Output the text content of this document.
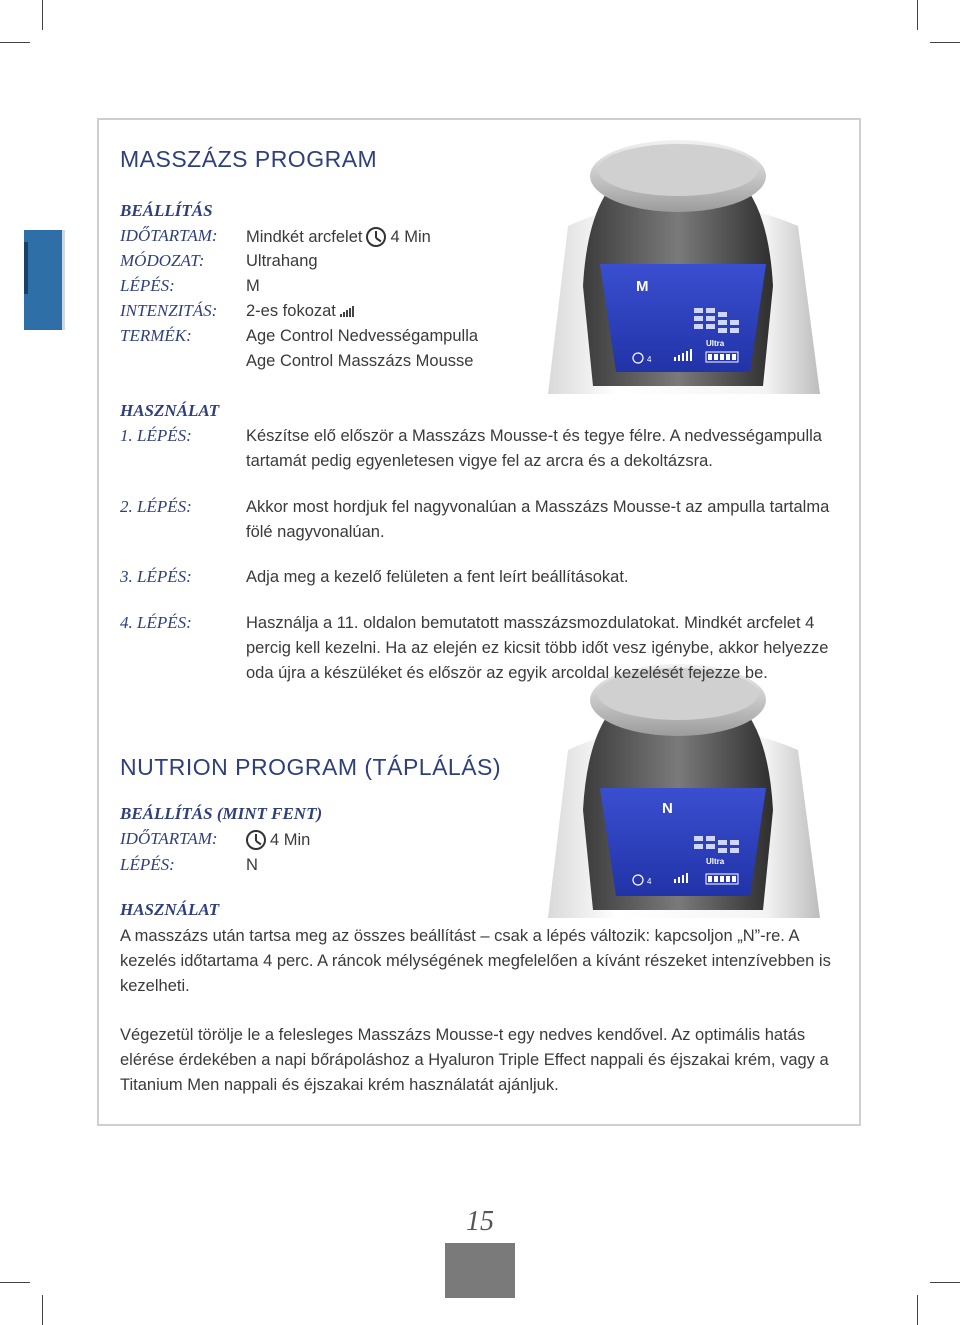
M
Ultra
4
N
Ultra
4
MASSZÁZS PROGRAM
BEÁLLÍTÁS
IDŐTARTAM: Mindkét arcfelet 4 Min
MÓDOZAT:	Ultrahang
LÉPÉS:	M
INTENZITÁS: 2-es fokozat
TERMÉK:	Age Control Nedvességampulla
Age Control Masszázs Mousse
HASZNÁLAT
1. LÉPÉS:	Készítse elő először a Masszázs Mousse-t és tegye félre. A nedvességampulla tartamát pedig egyenletesen vigye fel az arcra és a dekoltázsra.
2. LÉPÉS:	Akkor most hordjuk fel nagyvonalúan a Masszázs Mousse-t az ampulla tartalma fölé nagyvonalúan.
3. LÉPÉS:	Adja meg a kezelő felületen a fent leírt beállításokat.
4. LÉPÉS:	Használja a 11. oldalon bemutatott masszázsmozdulatokat. Mindkét arcfelet 4 percig kell kezelni. Ha az elején ez kicsit több időt vesz igénybe, akkor helyezze oda újra a készüléket és először az egyik arcoldal kezelését fejezze be.
NUTRION PROGRAM (TÁPLÁLÁS)
BEÁLLÍTÁS (MINT FENT)
IDŐTARTAM:	4 Min
LÉPÉS:	N
HASZNÁLAT
A masszázs után tartsa meg az összes beállítást – csak a lépés változik: kapcsoljon „N”-re. A kezelés időtartama 4 perc. A ráncok mélységének megfelelően a kívánt részeket intenzívebben is kezelheti.
Végezetül törölje le a felesleges Masszázs Mousse-t egy nedves kendővel. Az optimális hatás elérése érdekében a napi bőrápoláshoz a Hyaluron Triple Effect nappali és éjszakai krém, vagy a Titanium Men nappali és éjszakai krém használatát ajánljuk.
15
